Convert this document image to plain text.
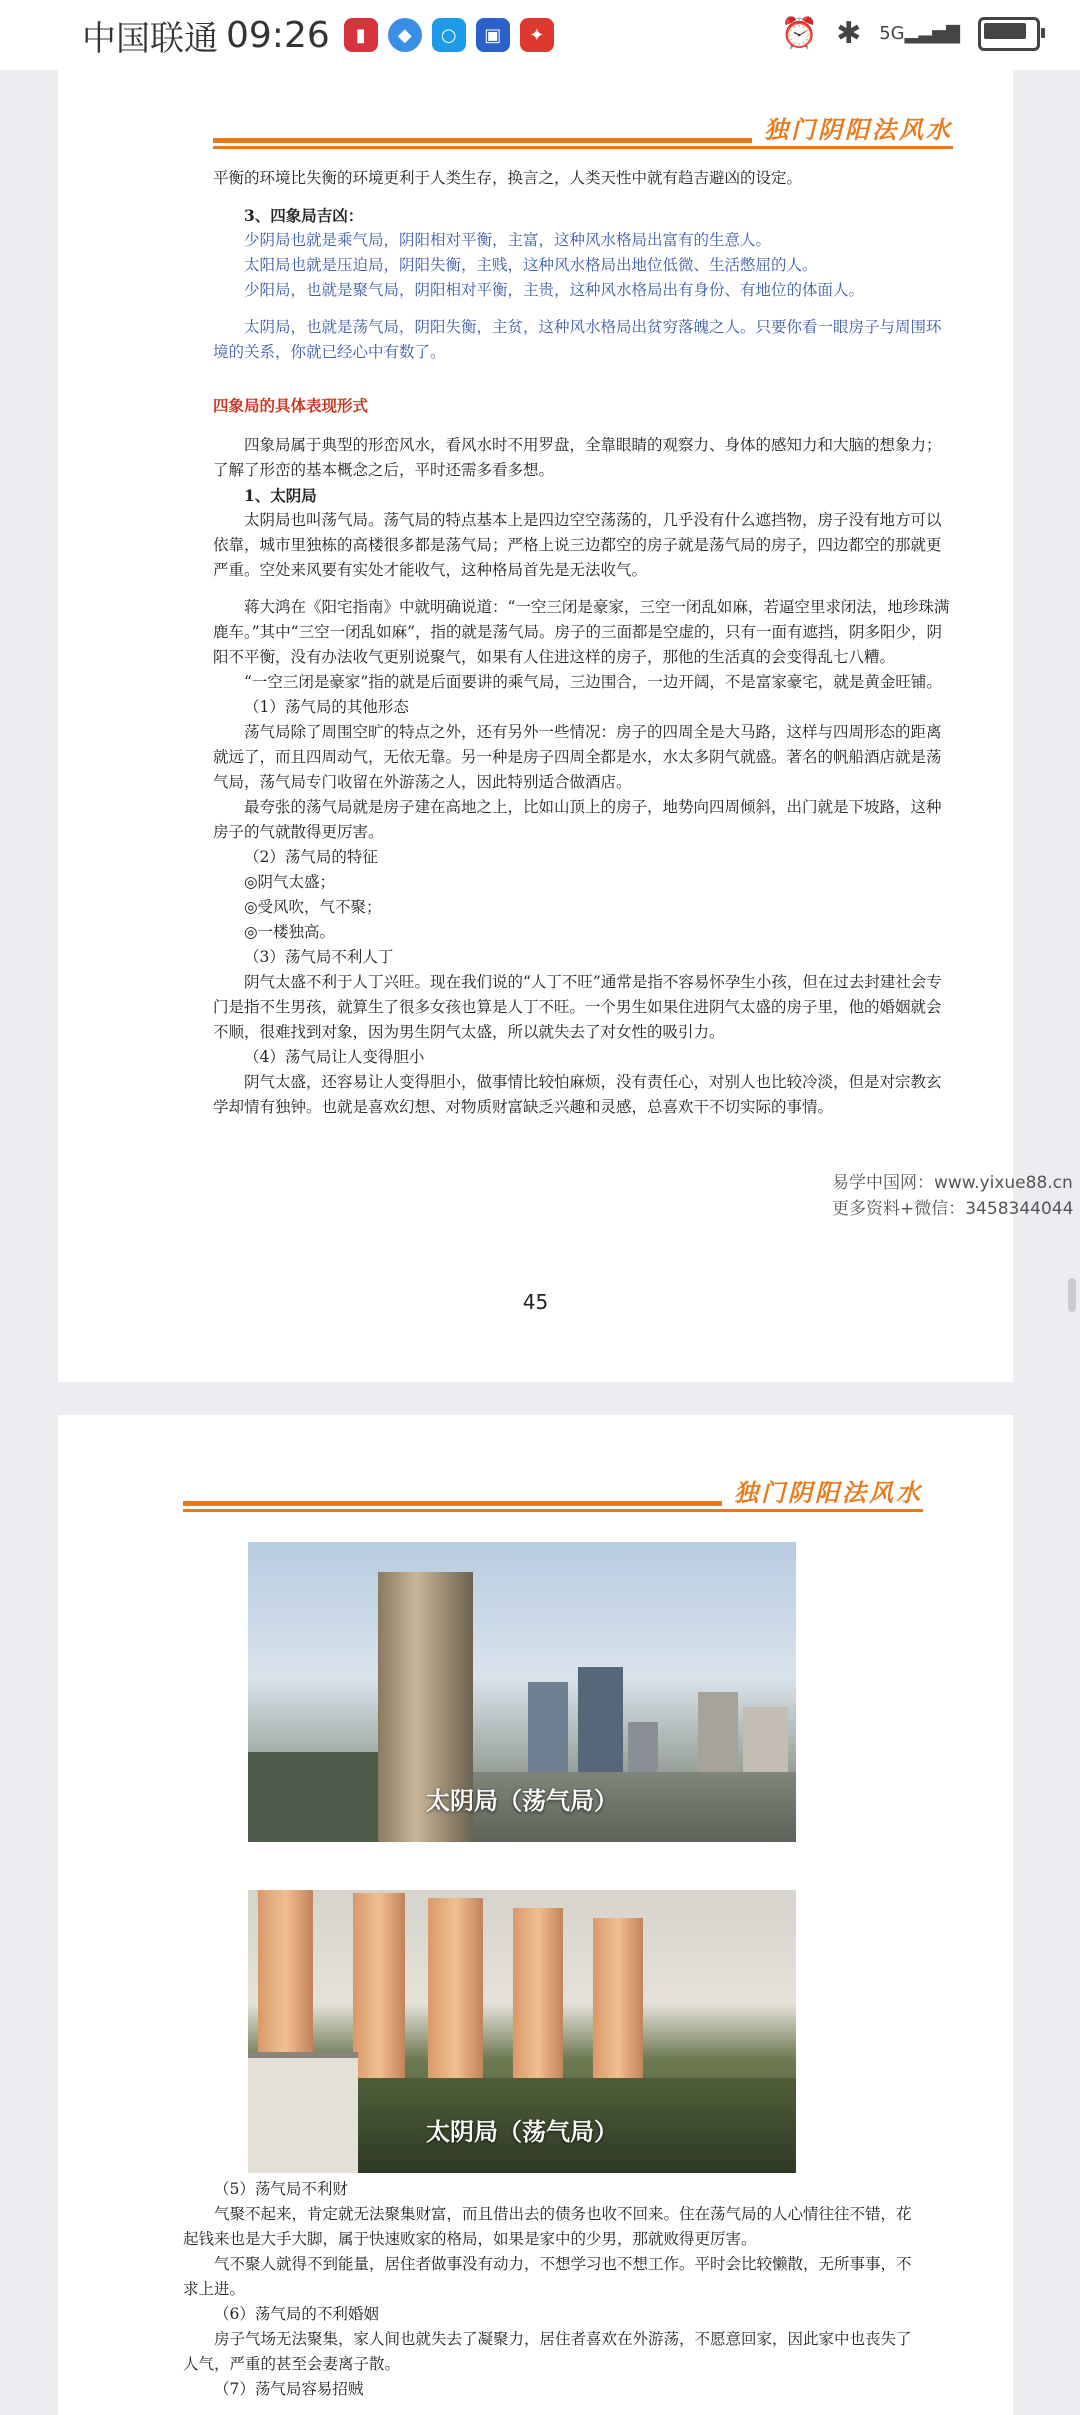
中国联通 09:26	▮	◆	○	▣	✦	⏰ ✱ 5G▂▃▅▇
独门阴阳法风水

平衡的环境比失衡的环境更利于人类生存，换言之，人类天性中就有趋吉避凶的设定。

3、四象局吉凶：

少阴局也就是乘气局，阴阳相对平衡，主富，这种风水格局出富有的生意人。

太阳局也就是压迫局，阴阳失衡，主贱，这种风水格局出地位低微、生活憋屈的人。

少阳局，也就是聚气局，阴阳相对平衡，主贵，这种风水格局出有身份、有地位的体面人。

太阴局，也就是荡气局，阴阳失衡，主贫，这种风水格局出贫穷落魄之人。只要你看一眼房子与周围环境的关系，你就已经心中有数了。

四象局的具体表现形式

四象局属于典型的形峦风水，看风水时不用罗盘，全靠眼睛的观察力、身体的感知力和大脑的想象力；了解了形峦的基本概念之后，平时还需多看多想。

1、太阴局

太阴局也叫荡气局。荡气局的特点基本上是四边空空荡荡的，几乎没有什么遮挡物，房子没有地方可以依靠，城市里独栋的高楼很多都是荡气局；严格上说三边都空的房子就是荡气局的房子，四边都空的那就更严重。空处来风要有实处才能收气，这种格局首先是无法收气。

蒋大鸿在《阳宅指南》中就明确说道：“一空三闭是豪家，三空一闭乱如麻，若逼空里求闭法，地珍珠满鹿车。”其中“三空一闭乱如麻”，指的就是荡气局。房子的三面都是空虚的，只有一面有遮挡，阴多阳少，阴阳不平衡，没有办法收气更别说聚气，如果有人住进这样的房子，那他的生活真的会变得乱七八糟。

“一空三闭是豪家”指的就是后面要讲的乘气局，三边围合，一边开阔，不是富家豪宅，就是黄金旺铺。

（1）荡气局的其他形态

荡气局除了周围空旷的特点之外，还有另外一些情况：房子的四周全是大马路，这样与四周形态的距离就远了，而且四周动气，无依无靠。另一种是房子四周全都是水，水太多阴气就盛。著名的帆船酒店就是荡气局，荡气局专门收留在外游荡之人，因此特别适合做酒店。

最夸张的荡气局就是房子建在高地之上，比如山顶上的房子，地势向四周倾斜，出门就是下坡路，这种房子的气就散得更厉害。

（2）荡气局的特征

◎阴气太盛；

◎受风吹，气不聚；

◎一楼独高。

（3）荡气局不利人丁

阴气太盛不利于人丁兴旺。现在我们说的“人丁不旺”通常是指不容易怀孕生小孩，但在过去封建社会专门是指不生男孩，就算生了很多女孩也算是人丁不旺。一个男生如果住进阴气太盛的房子里，他的婚姻就会不顺，很难找到对象，因为男生阴气太盛，所以就失去了对女性的吸引力。

（4）荡气局让人变得胆小

阴气太盛，还容易让人变得胆小，做事情比较怕麻烦，没有责任心，对别人也比较冷淡，但是对宗教玄学却情有独钟。也就是喜欢幻想、对物质财富缺乏兴趣和灵感，总喜欢干不切实际的事情。

45
易学中国网：www.yixue88.cn
更多资料+微信：3458344044
独门阴阳法风水
太阴局（荡气局）
太阴局（荡气局）

（5）荡气局不利财

气聚不起来，肯定就无法聚集财富，而且借出去的债务也收不回来。住在荡气局的人心情往往不错，花起钱来也是大手大脚，属于快速败家的格局，如果是家中的少男，那就败得更厉害。

气不聚人就得不到能量，居住者做事没有动力，不想学习也不想工作。平时会比较懒散，无所事事，不求上进。

（6）荡气局的不利婚姻

房子气场无法聚集，家人间也就失去了凝聚力，居住者喜欢在外游荡，不愿意回家，因此家中也丧失了人气，严重的甚至会妻离子散。

（7）荡气局容易招贼
